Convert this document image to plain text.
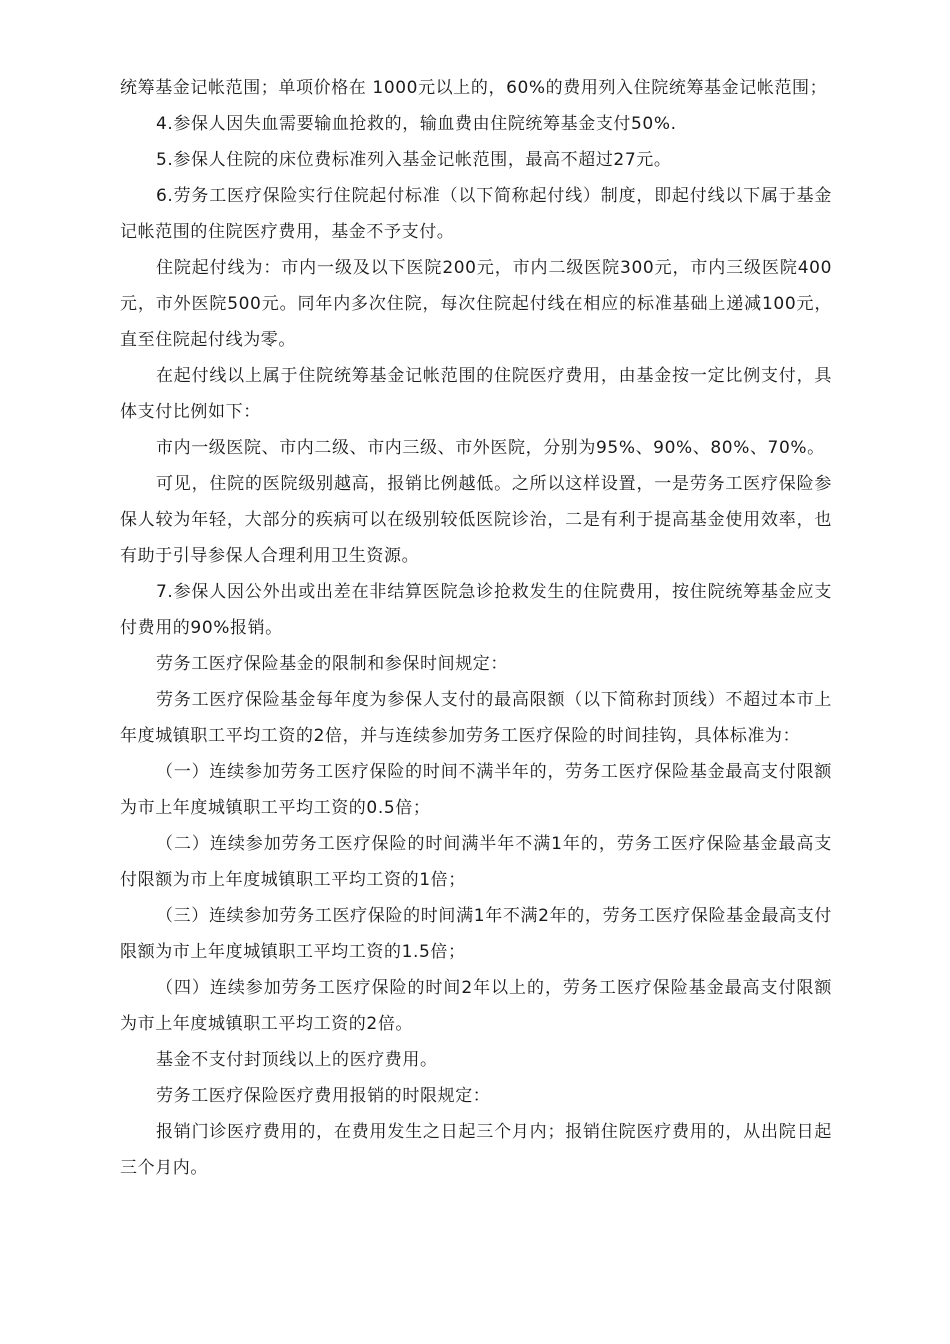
统筹基金记帐范围；单项价格在 1000元以上的，60%的费用列入住院统筹基金记帐范围；

4.参保人因失血需要输血抢救的，输血费由住院统筹基金支付50%.

5.参保人住院的床位费标准列入基金记帐范围，最高不超过27元。

6.劳务工医疗保险实行住院起付标准（以下简称起付线）制度，即起付线以下属于基金记帐范围的住院医疗费用，基金不予支付。

住院起付线为：市内一级及以下医院200元，市内二级医院300元，市内三级医院400元，市外医院500元。同年内多次住院，每次住院起付线在相应的标准基础上递减100元，直至住院起付线为零。

在起付线以上属于住院统筹基金记帐范围的住院医疗费用，由基金按一定比例支付，具体支付比例如下：

市内一级医院、市内二级、市内三级、市外医院，分别为95%、90%、80%、70%。

可见，住院的医院级别越高，报销比例越低。之所以这样设置，一是劳务工医疗保险参保人较为年轻，大部分的疾病可以在级别较低医院诊治，二是有利于提高基金使用效率，也有助于引导参保人合理利用卫生资源。

7.参保人因公外出或出差在非结算医院急诊抢救发生的住院费用，按住院统筹基金应支付费用的90%报销。

劳务工医疗保险基金的限制和参保时间规定：

劳务工医疗保险基金每年度为参保人支付的最高限额（以下简称封顶线）不超过本市上年度城镇职工平均工资的2倍，并与连续参加劳务工医疗保险的时间挂钩，具体标准为：

（一）连续参加劳务工医疗保险的时间不满半年的，劳务工医疗保险基金最高支付限额为市上年度城镇职工平均工资的0.5倍；

（二）连续参加劳务工医疗保险的时间满半年不满1年的，劳务工医疗保险基金最高支付限额为市上年度城镇职工平均工资的1倍；

（三）连续参加劳务工医疗保险的时间满1年不满2年的，劳务工医疗保险基金最高支付限额为市上年度城镇职工平均工资的1.5倍；

（四）连续参加劳务工医疗保险的时间2年以上的，劳务工医疗保险基金最高支付限额为市上年度城镇职工平均工资的2倍。

基金不支付封顶线以上的医疗费用。

劳务工医疗保险医疗费用报销的时限规定：

报销门诊医疗费用的，在费用发生之日起三个月内；报销住院医疗费用的，从出院日起三个月内。
